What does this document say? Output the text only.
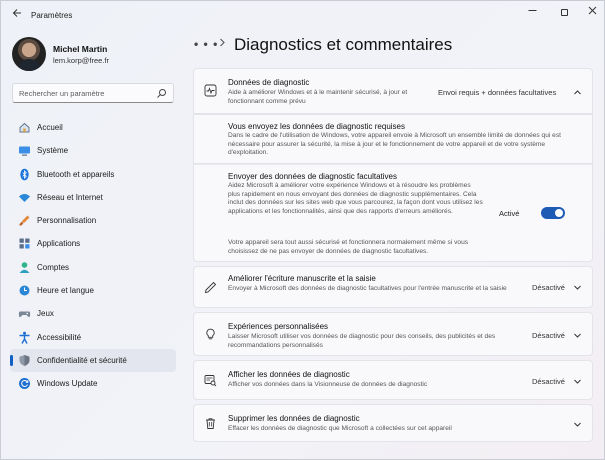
Paramètres
Michel Martin
lem.korp@free.fr
Rechercher un paramètre
Accueil
Système
Bluetooth et appareils
Réseau et Internet
Personnalisation
Applications
Comptes
Heure et langue
Jeux
Accessibilité
Confidentialité et sécurité
Windows Update
• • • Diagnostics et commentaires
Données de diagnostic
Aide à améliorer Windows et à le maintenir sécurisé, à jour et fonctionnant comme prévu
Envoi requis + données facultatives
Vous envoyez les données de diagnostic requises
Dans le cadre de l'utilisation de Windows, votre appareil envoie à Microsoft un ensemble limité de données qui est nécessaire pour assurer la sécurité, la mise à jour et le fonctionnement de votre appareil et de votre système d'exploitation.
Envoyer des données de diagnostic facultatives
Aidez Microsoft à améliorer votre expérience Windows et à résoudre les problèmes plus rapidement en nous envoyant des données de diagnostic supplémentaires. Cela inclut des données sur les sites web que vous parcourez, la façon dont vous utilisez les applications et les fonctionnalités, ainsi que des rapports d'erreurs améliorés.
Votre appareil sera tout aussi sécurisé et fonctionnera normalement même si vous choisissez de ne pas envoyer de données de diagnostic facultatives.
Activé
Améliorer l'écriture manuscrite et la saisie
Envoyer à Microsoft des données de diagnostic facultatives pour l'entrée manuscrite et la saisie	Désactivé
Expériences personnalisées
Laisser Microsoft utiliser vos données de diagnostic pour des conseils, des publicités et des recommandations personnalisés
Désactivé
Afficher les données de diagnostic
Afficher vos données dans la Visionneuse de données de diagnostic	Désactivé
Supprimer les données de diagnostic
Effacer les données de diagnostic que Microsoft a collectées sur cet appareil
